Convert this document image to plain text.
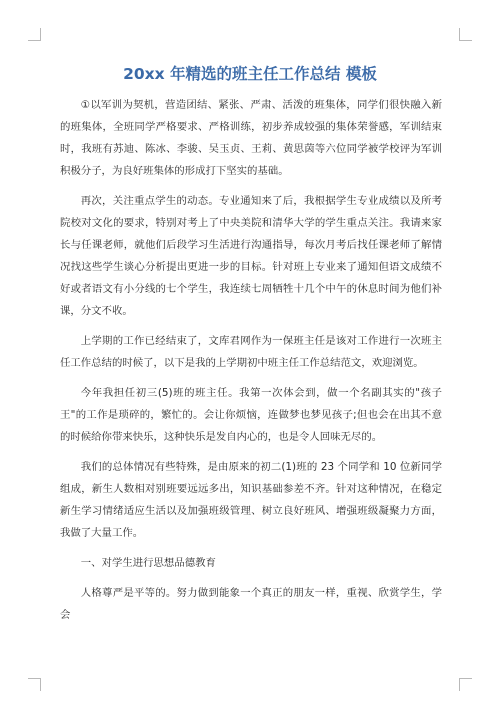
20xx 年精选的班主任工作总结 模板

①以军训为契机，营造团结、紧张、严肃、活泼的班集体，同学们很快融入新的班集体，全班同学严格要求、严格训练，初步养成较强的集体荣誉感，军训结束时，我班有苏迪、陈冰、李骏、吴玉贞、王莉、黄思茵等六位同学被学校评为军训积极分子，为良好班集体的形成打下坚实的基础。

再次，关注重点学生的动态。专业通知来了后，我根据学生专业成绩以及所考院校对文化的要求，特别对考上了中央美院和清华大学的学生重点关注。我请来家长与任课老师，就他们后段学习生活进行沟通指导，每次月考后找任课老师了解情况找这些学生谈心分析提出更进一步的目标。针对班上专业来了通知但语文成绩不好或者语文有小分线的七个学生，我连续七周牺牲十几个中午的休息时间为他们补课，分文不收。

上学期的工作已经结束了，文库君网作为一保班主任是该对工作进行一次班主任工作总结的时候了，以下是我的上学期初中班主任工作总结范文，欢迎浏览。

今年我担任初三(5)班的班主任。我第一次体会到，做一个名副其实的"孩子王"的工作是琐碎的，繁忙的。会让你烦恼，连做梦也梦见孩子;但也会在出其不意的时候给你带来快乐，这种快乐是发自内心的，也是令人回味无尽的。

我们的总体情况有些特殊，是由原来的初二(1)班的 23 个同学和 10 位新同学组成，新生人数相对别班要远远多出，知识基础参差不齐。针对这种情况，在稳定新生学习情绪适应生活以及加强班级管理、树立良好班风、增强班级凝聚力方面，我做了大量工作。

一、对学生进行思想品德教育

人格尊严是平等的。努力做到能象一个真正的朋友一样，重视、欣赏学生，学会
